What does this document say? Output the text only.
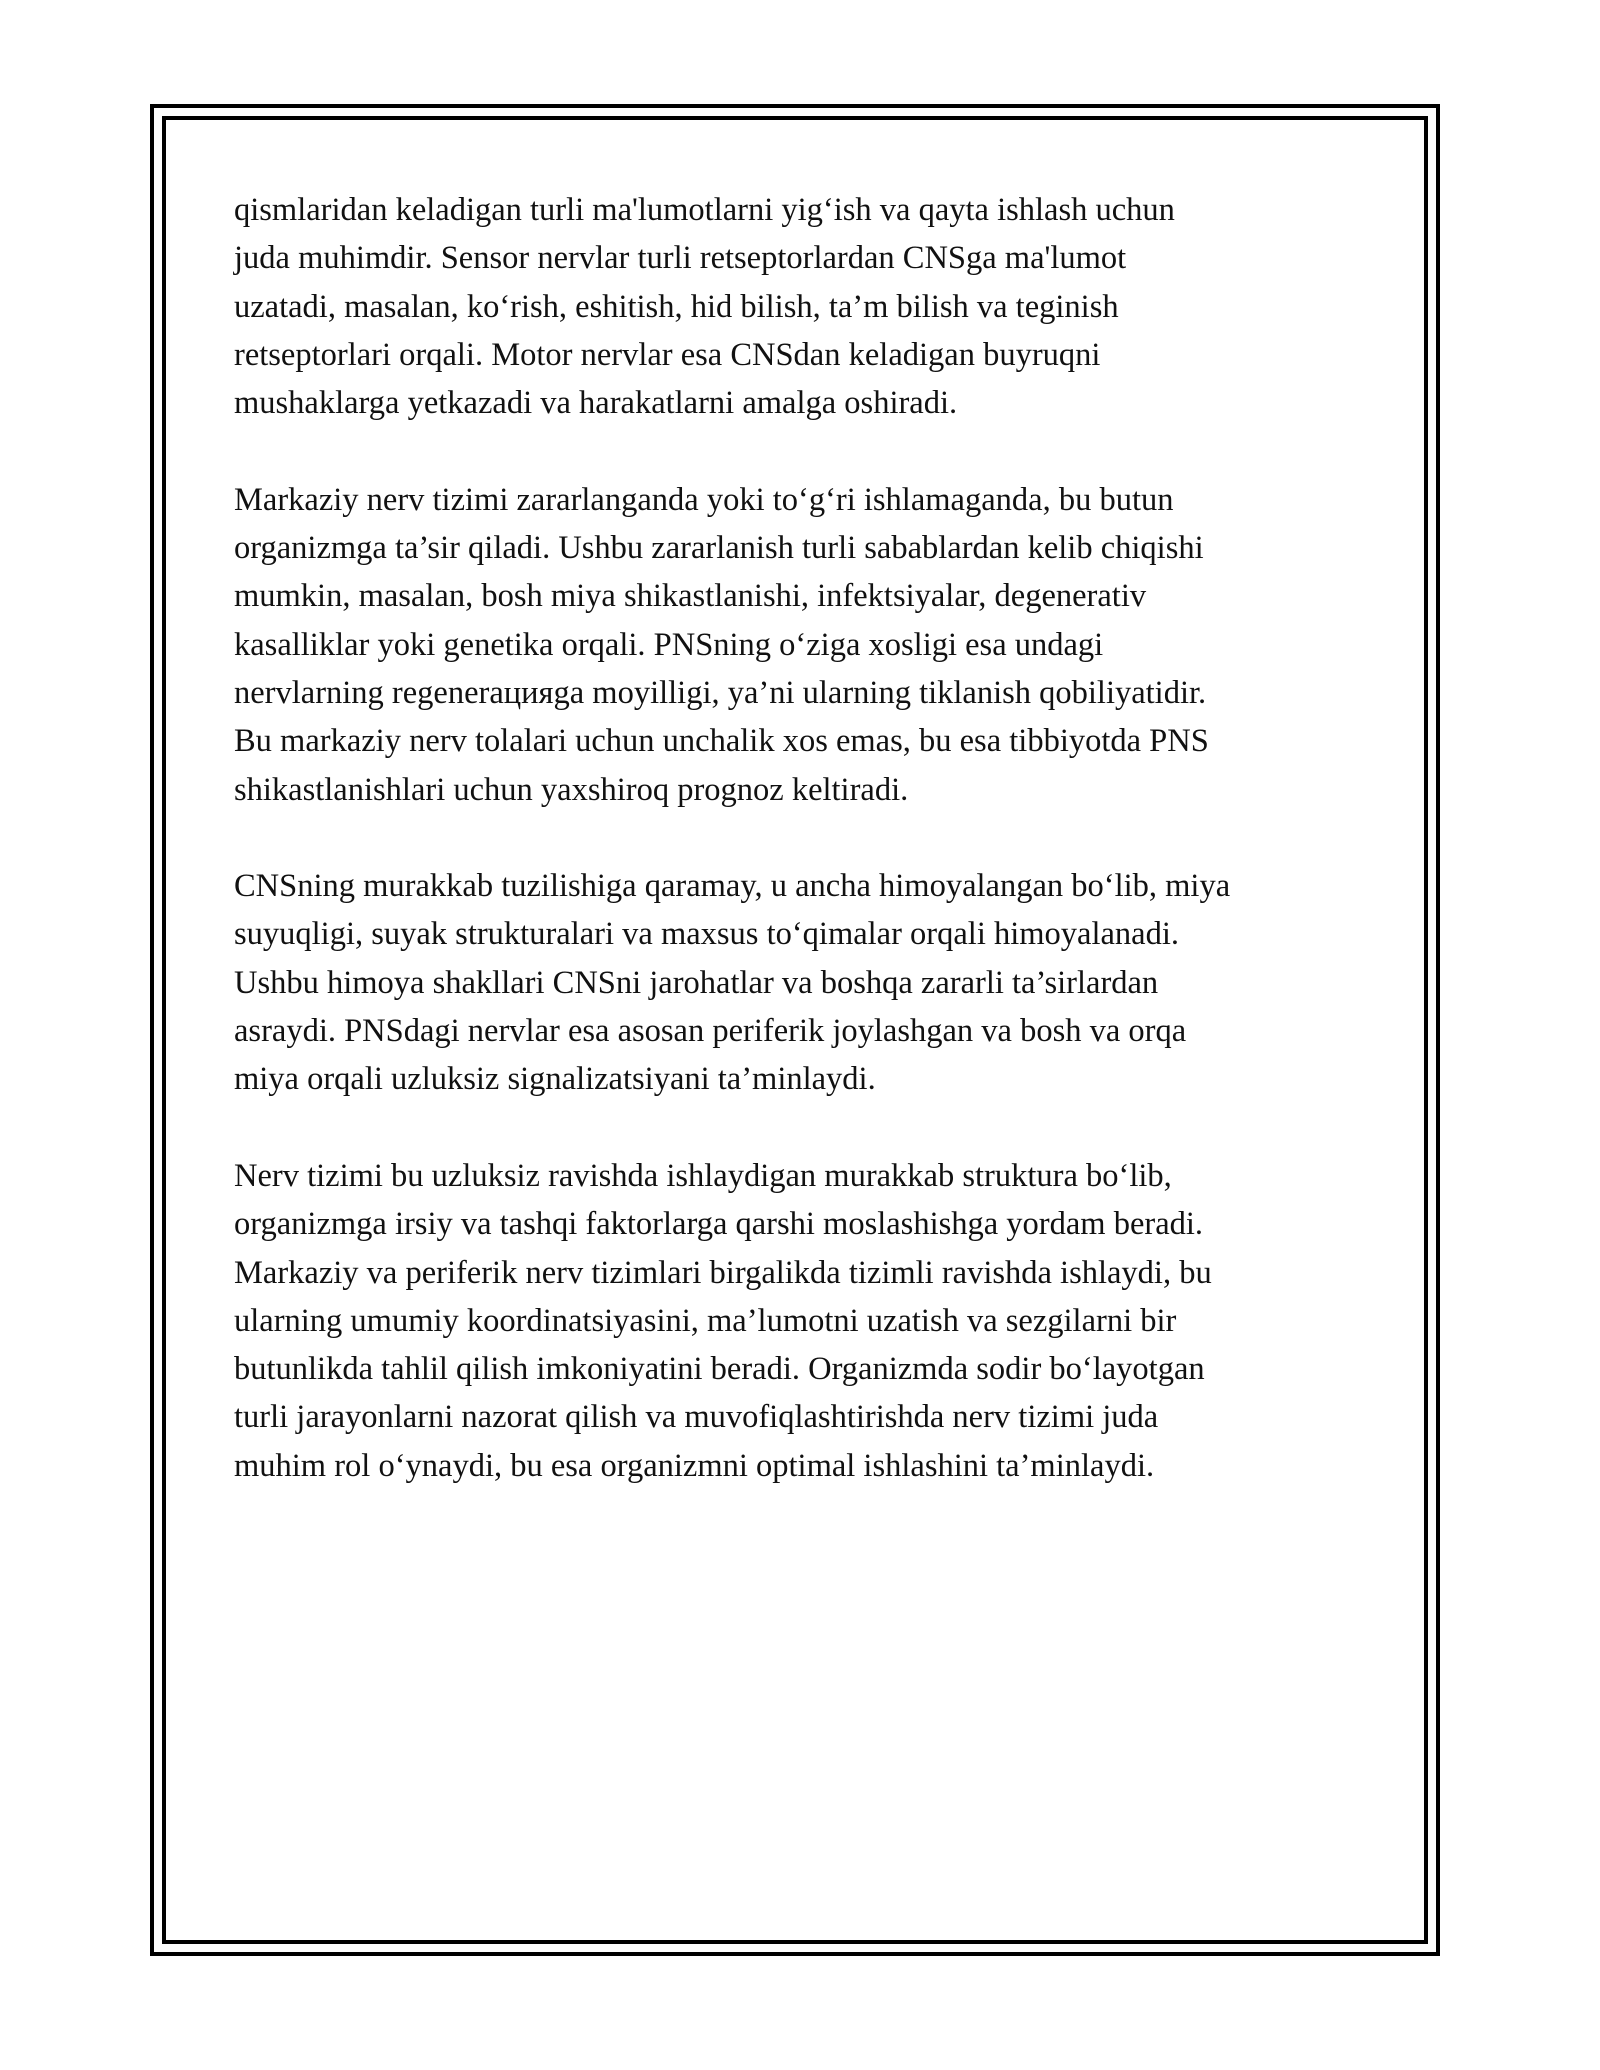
qismlaridan keladigan turli ma'lumotlarni yig‘ish va qayta ishlash uchun
juda muhimdir. Sensor nervlar turli retseptorlardan CNSga ma'lumot
uzatadi, masalan, ko‘rish, eshitish, hid bilish, ta’m bilish va teginish
retseptorlari orqali. Motor nervlar esa CNSdan keladigan buyruqni
mushaklarga yetkazadi va harakatlarni amalga oshiradi.

Markaziy nerv tizimi zararlanganda yoki to‘g‘ri ishlamaganda, bu butun
organizmga ta’sir qiladi. Ushbu zararlanish turli sabablardan kelib chiqishi
mumkin, masalan, bosh miya shikastlanishi, infektsiyalar, degenerativ
kasalliklar yoki genetika orqali. PNSning o‘ziga xosligi esa undagi
nervlarning regenerацияga moyilligi, ya’ni ularning tiklanish qobiliyatidir.
Bu markaziy nerv tolalari uchun unchalik xos emas, bu esa tibbiyotda PNS
shikastlanishlari uchun yaxshiroq prognoz keltiradi.

CNSning murakkab tuzilishiga qaramay, u ancha himoyalangan bo‘lib, miya
suyuqligi, suyak strukturalari va maxsus to‘qimalar orqali himoyalanadi.
Ushbu himoya shakllari CNSni jarohatlar va boshqa zararli ta’sirlardan
asraydi. PNSdagi nervlar esa asosan periferik joylashgan va bosh va orqa
miya orqali uzluksiz signalizatsiyani ta’minlaydi.

Nerv tizimi bu uzluksiz ravishda ishlaydigan murakkab struktura bo‘lib,
organizmga irsiy va tashqi faktorlarga qarshi moslashishga yordam beradi.
Markaziy va periferik nerv tizimlari birgalikda tizimli ravishda ishlaydi, bu
ularning umumiy koordinatsiyasini, ma’lumotni uzatish va sezgilarni bir
butunlikda tahlil qilish imkoniyatini beradi. Organizmda sodir bo‘layotgan
turli jarayonlarni nazorat qilish va muvofiqlashtirishda nerv tizimi juda
muhim rol o‘ynaydi, bu esa organizmni optimal ishlashini ta’minlaydi.
